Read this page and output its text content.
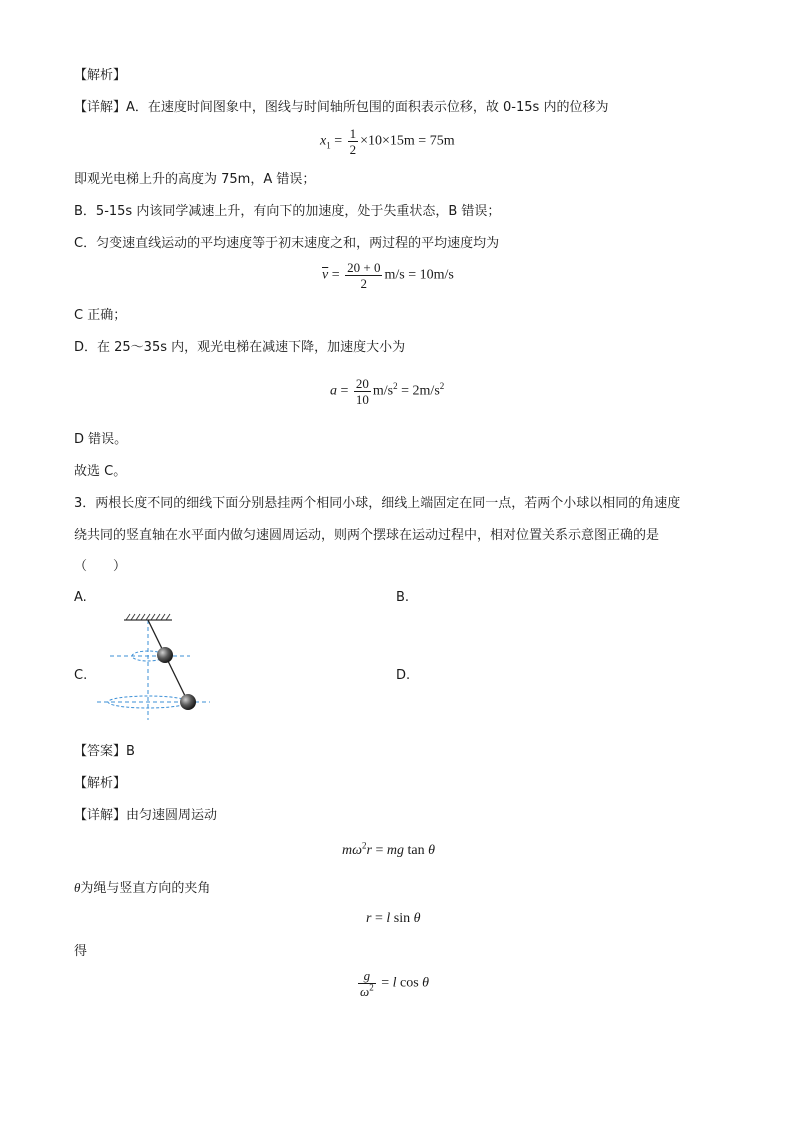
【解析】
【详解】A．在速度时间图象中，图线与时间轴所包围的面积表示位移，故 0-15s 内的位移为
$x_1 = \frac{1}{2} \times 10\times 15m = 75m$
即观光电梯上升的高度为 75m，A 错误；
B．5-15s 内该同学减速上升，有向下的加速度，处于失重状态，B 错误；
C．匀变速直线运动的平均速度等于初末速度之和，两过程的平均速度均为
$\overline{v} = \frac{20 + 0}{2} m/s = 10m/s$
C 正确；
D．在 25～35s 内，观光电梯在减速下降，加速度大小为
$a = \frac{20}{10} m/s^2 = 2m/s^2$
D 错误。
故选 C。
3．两根长度不同的细线下面分别悬挂两个相同小球，细线上端固定在同一点，若两个小球以相同的角速度
绕共同的竖直轴在水平面内做匀速圆周运动，则两个摆球在运动过程中，相对位置关系示意图正确的是
（　　）
A.	B.
C.	D.
【答案】B
【解析】
【详解】由匀速圆周运动
$m\omega^2r$ = mg tan θ
θ为绳与竖直方向的夹角
r = l sin θ
得
$\frac{g}{\omega^2} = l$ cos θ
